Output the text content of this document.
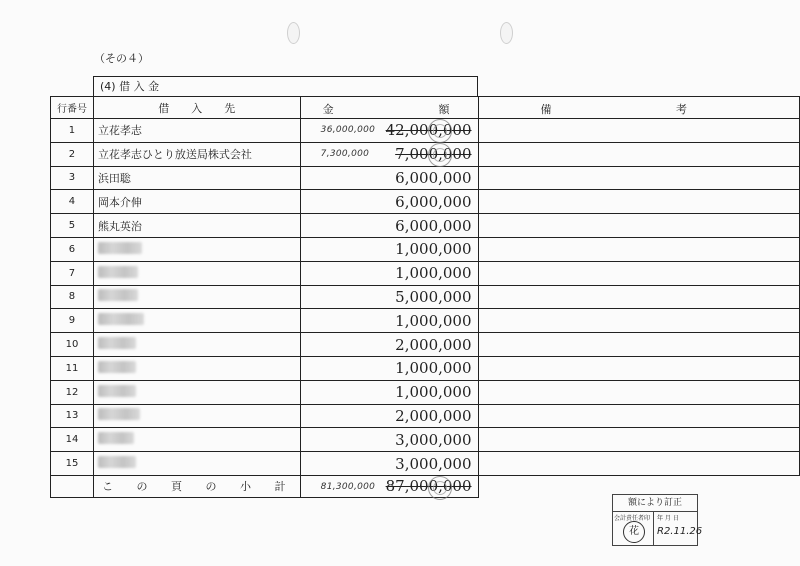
（その４）
(4) 借 入 金
行番号	借　　入　　先	金 額	備 考

1	立花孝志	36,000,000 42,000,000	
2	立花孝志ひとり放送局株式会社	7,300,000 7,000,000	
3	浜田聡	6,000,000	
4	岡本介伸	6,000,000	
5	熊丸英治	6,000,000	
6		1,000,000	
7		1,000,000	
8		5,000,000	
9		1,000,000	
10		2,000,000	
11		1,000,000	
12		1,000,000	
13		2,000,000	
14		3,000,000	
15		3,000,000	
	こ の 頁 の 小 計	81,300,000 87,000,000	
額により訂正
会計責任者印
花
年 月 日
R2.11.26
